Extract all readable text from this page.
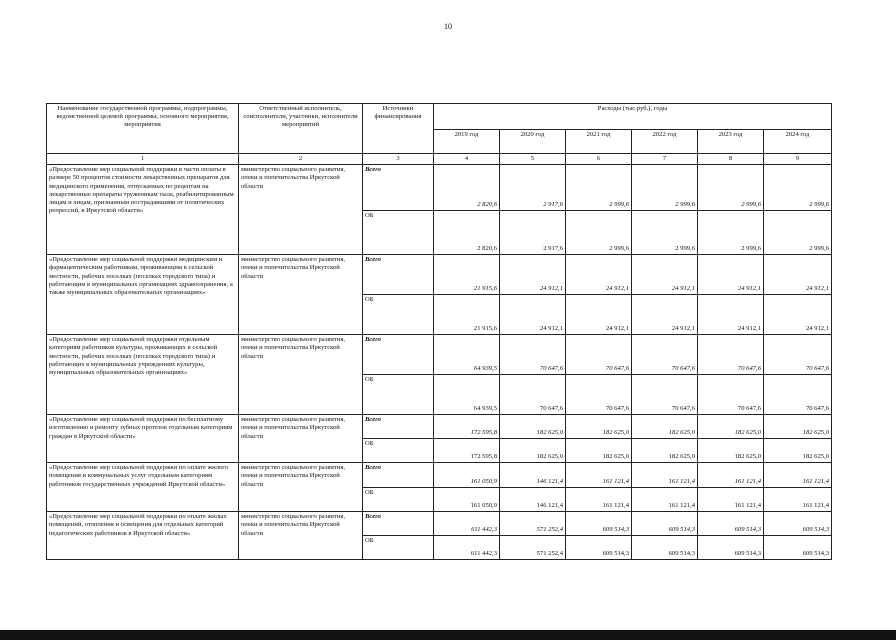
10
Наименование государственной программы, подпрограммы, ведомственной целевой программы, основного мероприятия, мероприятия	Ответственный исполнитель, соисполнители, участники, исполнители мероприятий	Источники финансирования	Расходы (тыс.руб.), годы					
			2019 год	2020 год	2021 год	2022 год	2023 год	2024 год
1	2	3	4	5	6	7	8	9
«Предоставление мер социальной поддержки в части оплаты в размере 50 процентов стоимости лекарственных препаратов для медицинского применения, отпускаемых по рецептам на лекарственные препараты труженикам тыла, реабилитированным лицам и лицам, признанным пострадавшими от политических репрессий, в Иркутской области»	министерство социального развития, опеки и попечительства Иркутской области	Всего	2 820,6	2 917,6	2 999,6	2 999,6	2 999,6	2 999,6
		ОБ	2 820,6	2 917,6	2 999,6	2 999,6	2 999,6	2 999,6
«Предоставление мер социальной поддержки медицинским и фармацевтическим работникам, проживающим в сельской местности, рабочих поселках (поселках городского типа) и работающим в муниципальных организациях здравоохранения, а также муниципальных образовательных организациях»	министерство социального развития, опеки и попечительства Иркутской области	Всего	21 915,6	24 912,1	24 912,1	24 912,1	24 912,1	24 912,1
		ОБ	21 915,6	24 912,1	24 912,1	24 912,1	24 912,1	24 912,1
«Предоставление мер социальной поддержки отдельным категориям работников культуры, проживающих в сельской местности, рабочих поселках (поселках городского типа) и работающих в муниципальных учреждениях культуры, муниципальных образовательных организациях»	министерство социального развития, опеки и попечительства Иркутской области	Всего	64 939,5	70 647,6	70 647,6	70 647,6	70 647,6	70 647,6
		ОБ	64 939,5	70 647,6	70 647,6	70 647,6	70 647,6	70 647,6
«Предоставление мер социальной поддержки по бесплатному изготовлению и ремонту зубных протезов отдельным категориям граждан в Иркутской области»	министерство социального развития, опеки и попечительства Иркутской области	Всего	172 595,8	182 625,0	182 625,0	182 625,0	182 625,0	182 625,0
		ОБ	172 595,8	182 625,0	182 625,0	182 625,0	182 625,0	182 625,0
«Предоставление мер социальной поддержки по оплате жилого помещения и коммунальных услуг отдельным категориям работников государственных учреждений Иркутской области»	министерство социального развития, опеки и попечительства Иркутской области	Всего	161 050,9	146 121,4	161 121,4	161 121,4	161 121,4	161 121,4
		ОБ	161 050,9	146 121,4	161 121,4	161 121,4	161 121,4	161 121,4
«Предоставление мер социальной поддержки по оплате жилых помещений, отопления и освещения для отдельных категорий педагогических работников в Иркутской области»	министерство социального развития, опеки и попечительства Иркутской области	Всего	611 442,3	571 252,4	609 514,3	609 514,3	609 514,3	609 514,3
		ОБ	611 442,3	571 252,4	609 514,3	609 514,3	609 514,3	609 514,3
